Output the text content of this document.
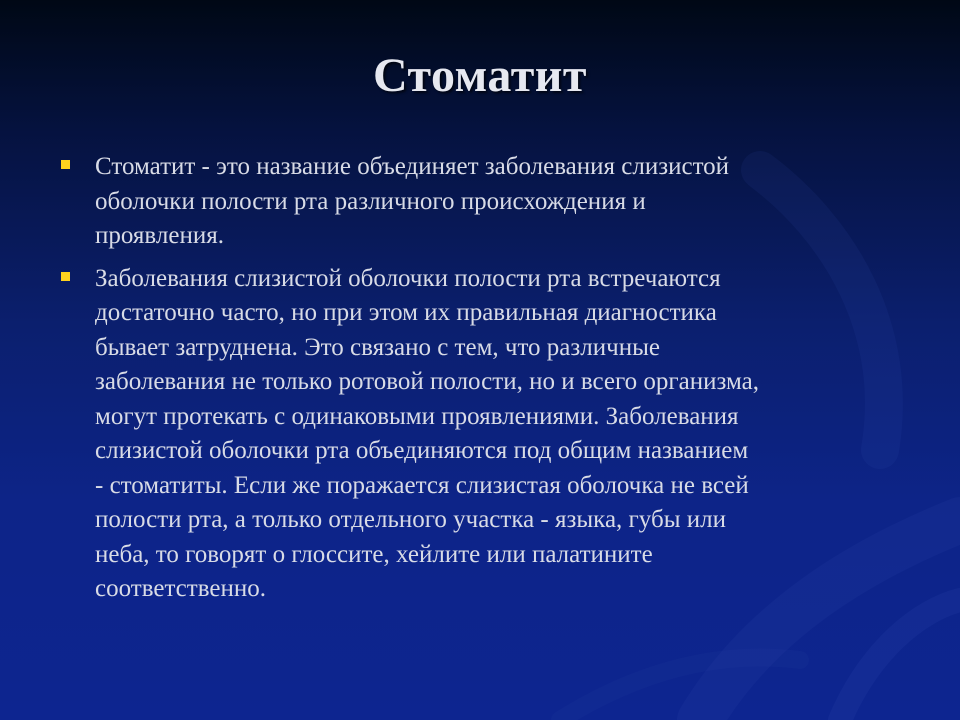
Стоматит
Стоматит - это название объединяет заболевания слизистой
оболочки полости рта различного происхождения и
проявления.
Заболевания слизистой оболочки полости рта встречаются
достаточно часто, но при этом их правильная диагностика
бывает затруднена. Это связано с тем, что различные
заболевания не только ротовой полости, но и всего организма,
могут протекать с одинаковыми проявлениями. Заболевания
слизистой оболочки рта объединяются под общим названием
- стоматиты. Если же поражается слизистая оболочка не всей
полости рта, а только отдельного участка - языка, губы или
неба, то говорят о глоссите, хейлите или палатините
соответственно.
